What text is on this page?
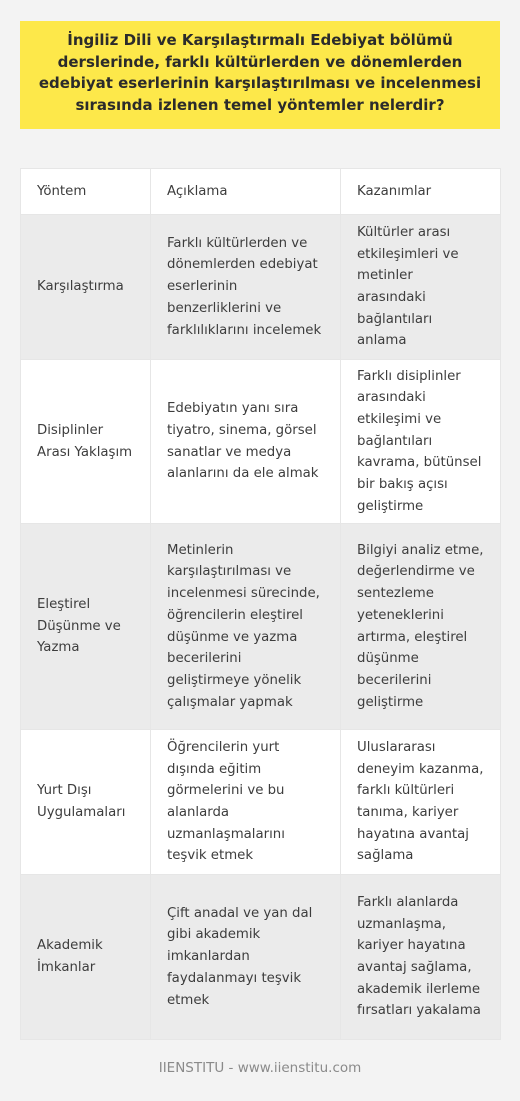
İngiliz Dili ve Karşılaştırmalı Edebiyat bölümü derslerinde, farklı kültürlerden ve dönemlerden edebiyat eserlerinin karşılaştırılması ve incelenmesi sırasında izlenen temel yöntemler nelerdir?
Yöntem	Açıklama	Kazanımlar
Karşılaştırma	Farklı kültürlerden ve dönemlerden edebiyat eserlerinin benzerliklerini ve farklılıklarını incelemek	Kültürler arası etkileşimleri ve metinler arasındaki bağlantıları anlama
Disiplinler Arası Yaklaşım	Edebiyatın yanı sıra tiyatro, sinema, görsel sanatlar ve medya alanlarını da ele almak	Farklı disiplinler arasındaki etkileşimi ve bağlantıları kavrama, bütünsel bir bakış açısı geliştirme
Eleştirel Düşünme ve Yazma	Metinlerin karşılaştırılması ve incelenmesi sürecinde, öğrencilerin eleştirel düşünme ve yazma becerilerini geliştirmeye yönelik çalışmalar yapmak	Bilgiyi analiz etme, değerlendirme ve sentezleme yeteneklerini artırma, eleştirel düşünme becerilerini geliştirme
Yurt Dışı Uygulamaları	Öğrencilerin yurt dışında eğitim görmelerini ve bu alanlarda uzmanlaşmalarını teşvik etmek	Uluslararası deneyim kazanma, farklı kültürleri tanıma, kariyer hayatına avantaj sağlama
Akademik İmkanlar	Çift anadal ve yan dal gibi akademik imkanlardan faydalanmayı teşvik etmek	Farklı alanlarda uzmanlaşma, kariyer hayatına avantaj sağlama, akademik ilerleme fırsatları yakalama
IIENSTITU - www.iienstitu.com
